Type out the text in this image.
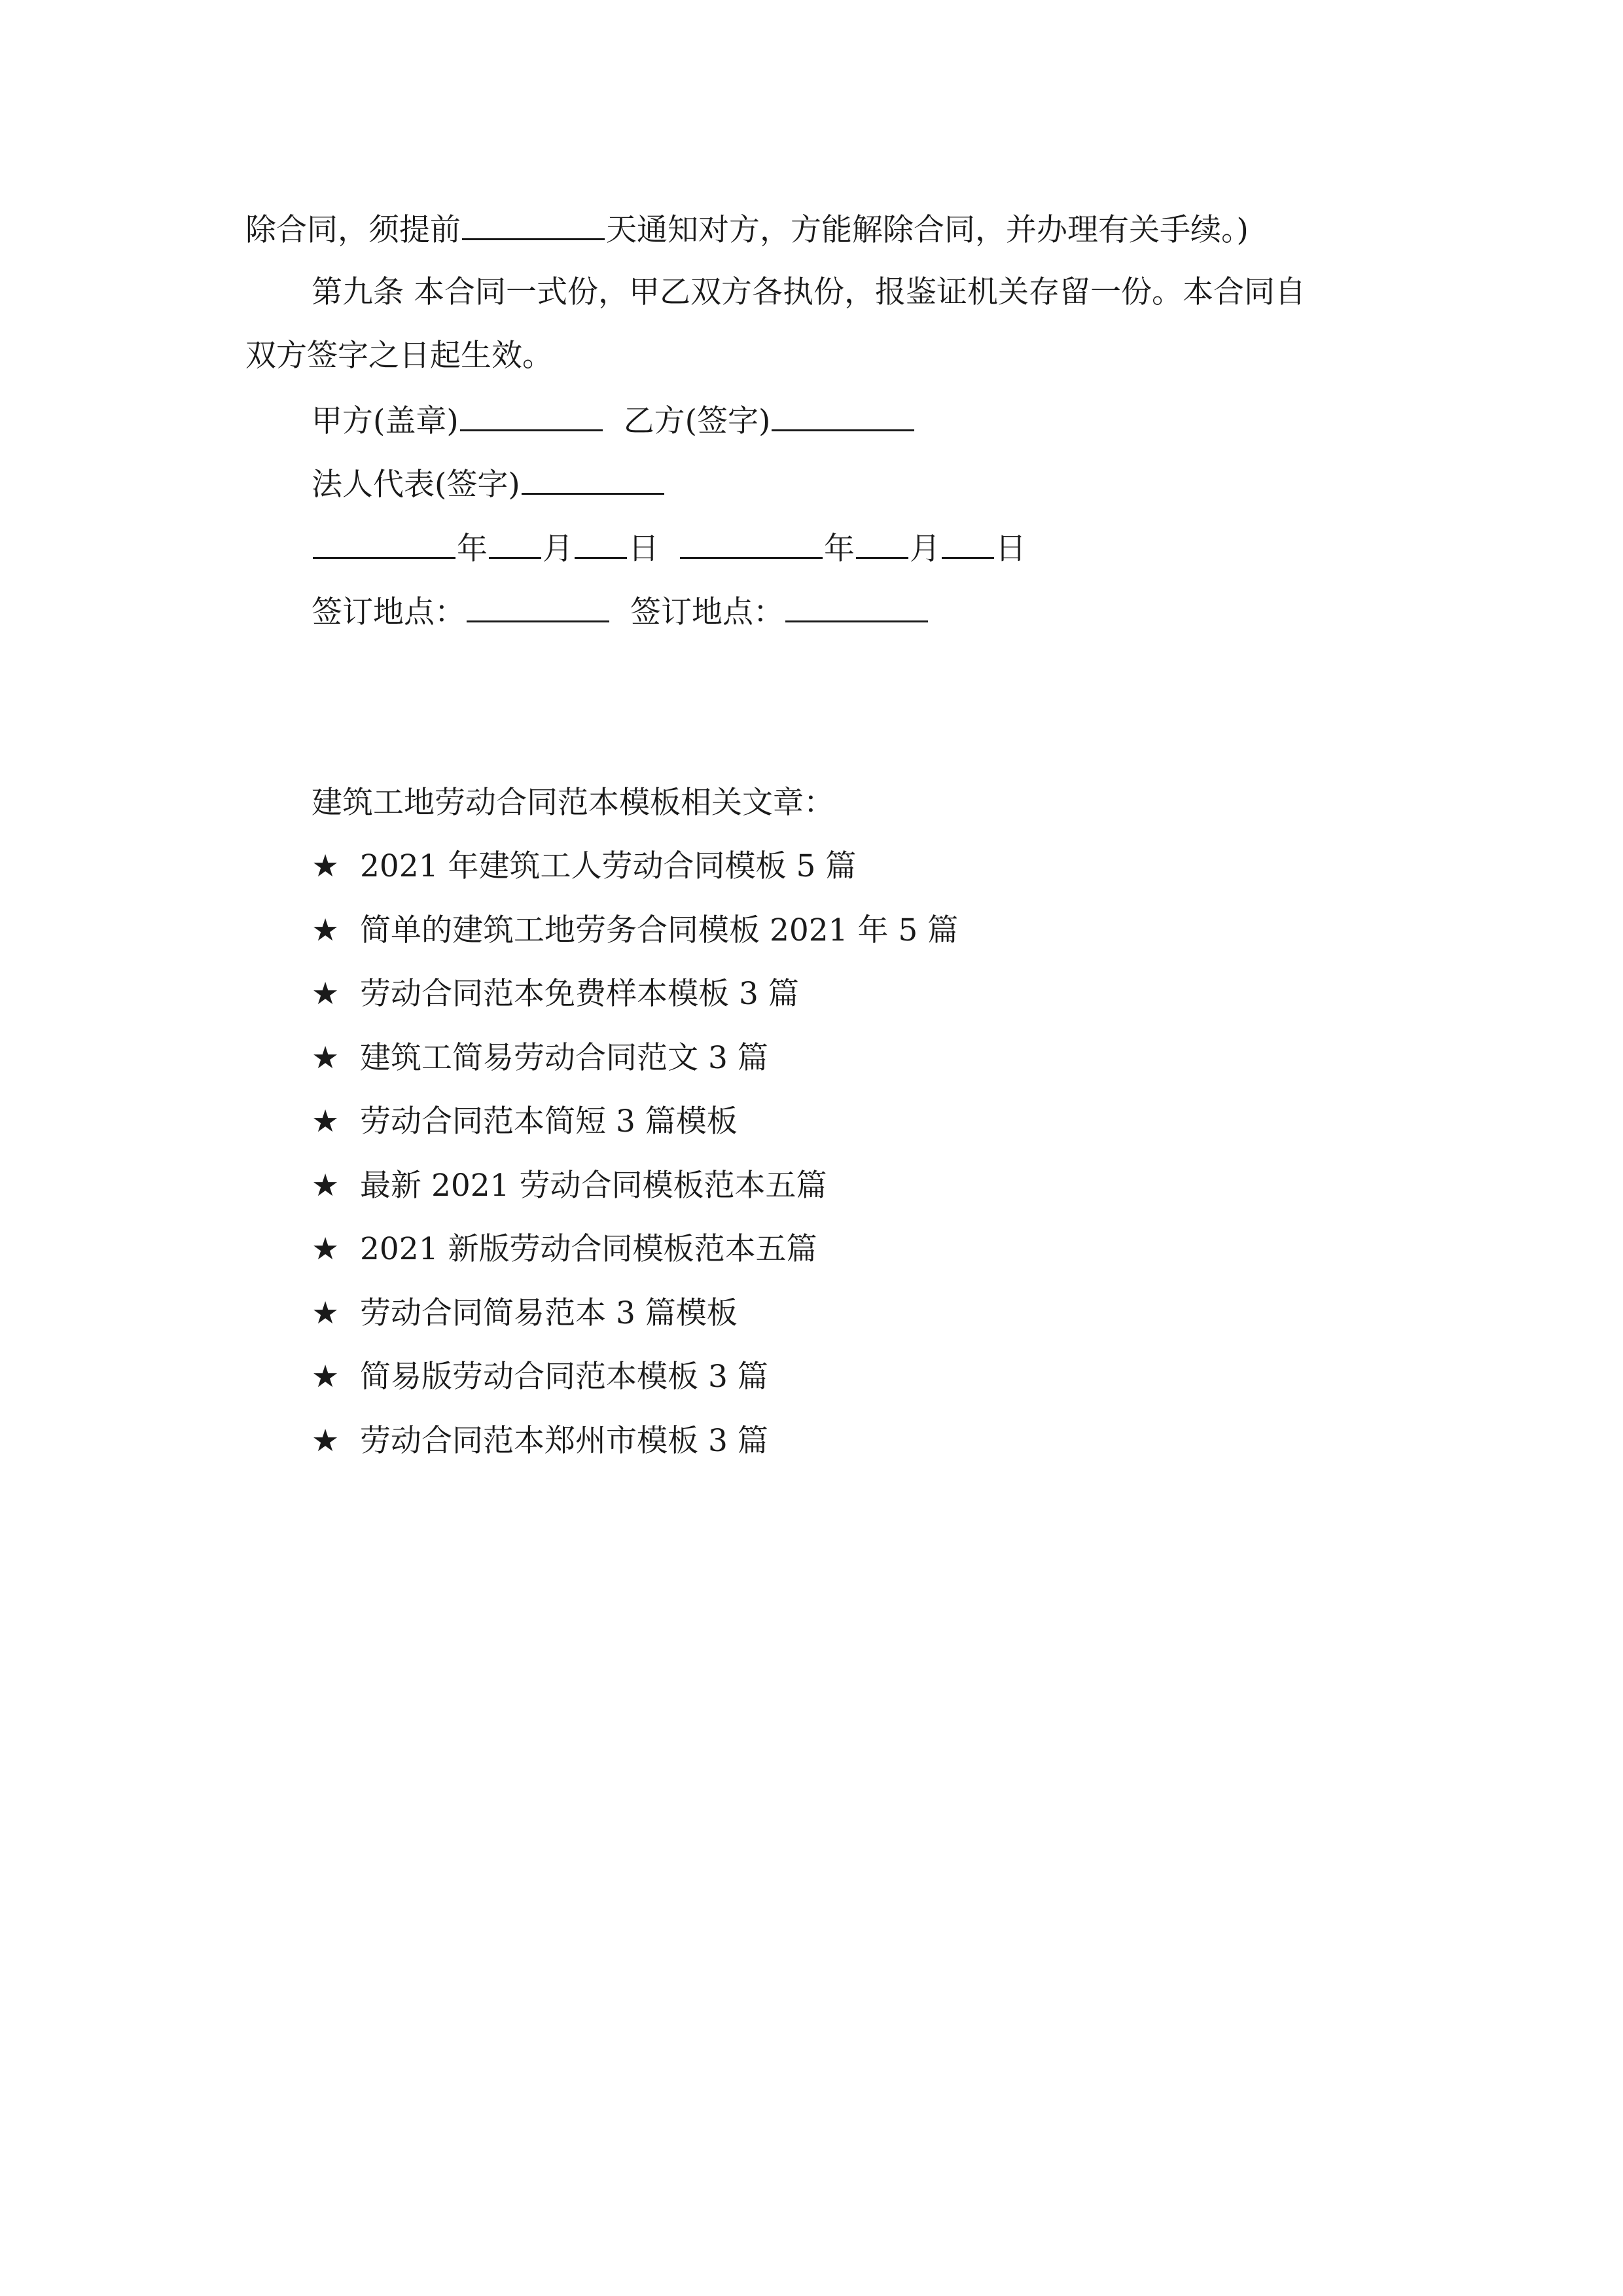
除合同，须提前	天通知对方，方能解除合同，并办理有关手续。)
第九条 本合同一式份，甲乙双方各执份，报鉴证机关存留一份。本合同自
双方签字之日起生效。
甲方(盖章)	乙方(签字)
法人代表(签字)
年 月 日	年 月 日
签订地点：	签订地点：
建筑工地劳动合同范本模板相关文章：
★ 2021 年建筑工人劳动合同模板 5 篇
★ 简单的建筑工地劳务合同模板 2021 年 5 篇
★ 劳动合同范本免费样本模板 3 篇
★ 建筑工简易劳动合同范文 3 篇
★ 劳动合同范本简短 3 篇模板
★ 最新 2021 劳动合同模板范本五篇
★ 2021 新版劳动合同模板范本五篇
★ 劳动合同简易范本 3 篇模板
★ 简易版劳动合同范本模板 3 篇
★ 劳动合同范本郑州市模板 3 篇
